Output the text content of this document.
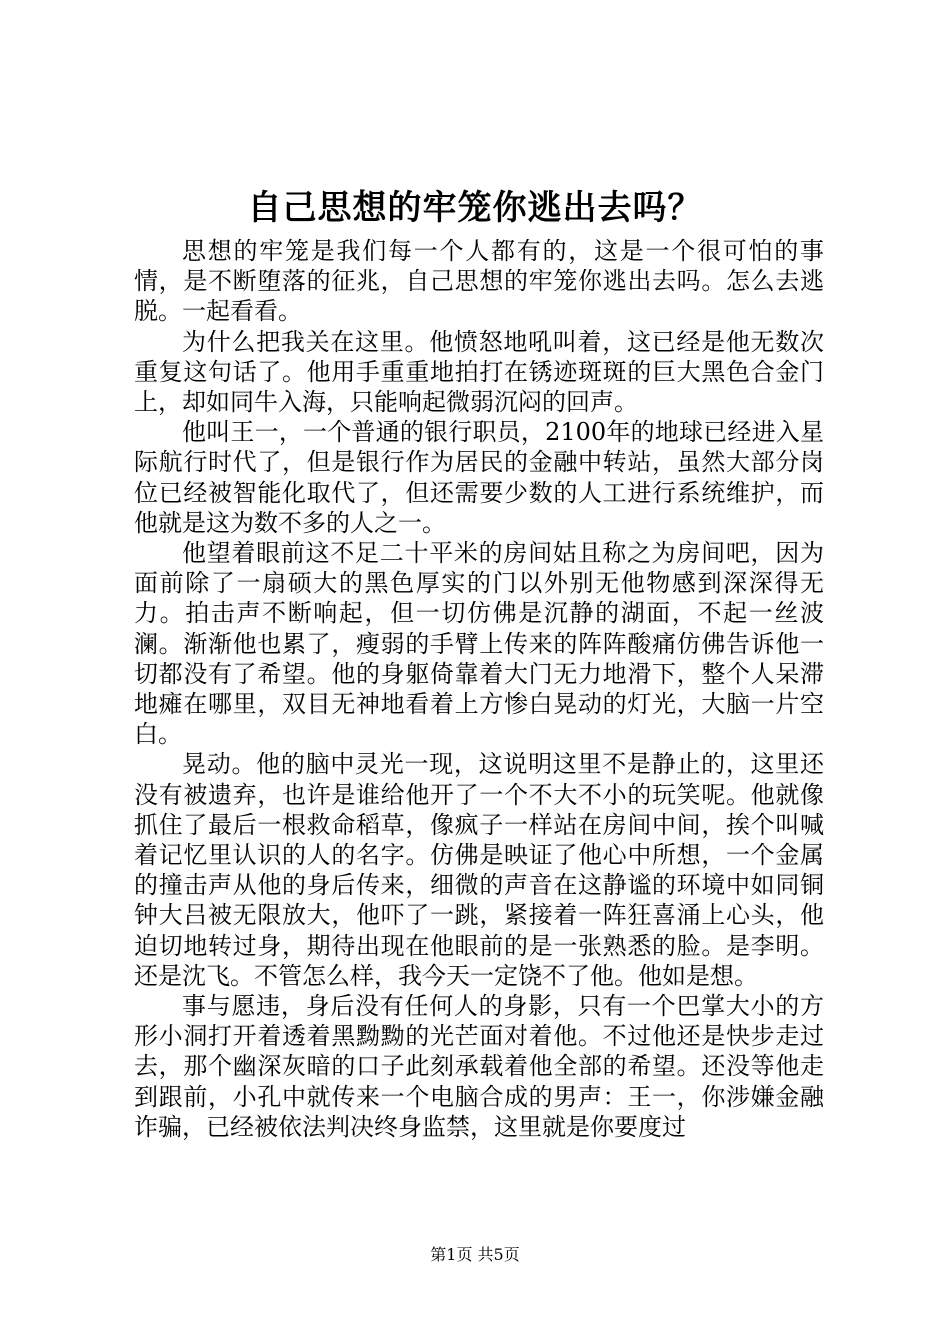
自己思想的牢笼你逃出去吗？

思想的牢笼是我们每一个人都有的，这是一个很可怕的事情，是不断堕落的征兆，自己思想的牢笼你逃出去吗。怎么去逃脱。一起看看。

为什么把我关在这里。他愤怒地吼叫着，这已经是他无数次重复这句话了。他用手重重地拍打在锈迹斑斑的巨大黑色合金门上，却如同牛入海，只能响起微弱沉闷的回声。

他叫王一，一个普通的银行职员，2100年的地球已经进入星际航行时代了，但是银行作为居民的金融中转站，虽然大部分岗位已经被智能化取代了，但还需要少数的人工进行系统维护，而他就是这为数不多的人之一。

他望着眼前这不足二十平米的房间姑且称之为房间吧，因为面前除了一扇硕大的黑色厚实的门以外别无他物感到深深得无力。拍击声不断响起，但一切仿佛是沉静的湖面，不起一丝波澜。渐渐他也累了，瘦弱的手臂上传来的阵阵酸痛仿佛告诉他一切都没有了希望。他的身躯倚靠着大门无力地滑下，整个人呆滞地瘫在哪里，双目无神地看着上方惨白晃动的灯光，大脑一片空白。

晃动。他的脑中灵光一现，这说明这里不是静止的，这里还没有被遗弃，也许是谁给他开了一个不大不小的玩笑呢。他就像抓住了最后一根救命稻草，像疯子一样站在房间中间，挨个叫喊着记忆里认识的人的名字。仿佛是映证了他心中所想，一个金属的撞击声从他的身后传来，细微的声音在这静谧的环境中如同铜钟大吕被无限放大，他吓了一跳，紧接着一阵狂喜涌上心头，他迫切地转过身，期待出现在他眼前的是一张熟悉的脸。是李明。还是沈飞。不管怎么样，我今天一定饶不了他。他如是想。

事与愿违，身后没有任何人的身影，只有一个巴掌大小的方形小洞打开着透着黑黝黝的光芒面对着他。不过他还是快步走过去，那个幽深灰暗的口子此刻承载着他全部的希望。还没等他走到跟前，小孔中就传来一个电脑合成的男声：王一，你涉嫌金融诈骗，已经被依法判决终身监禁，这里就是你要度过

第1页 共5页
